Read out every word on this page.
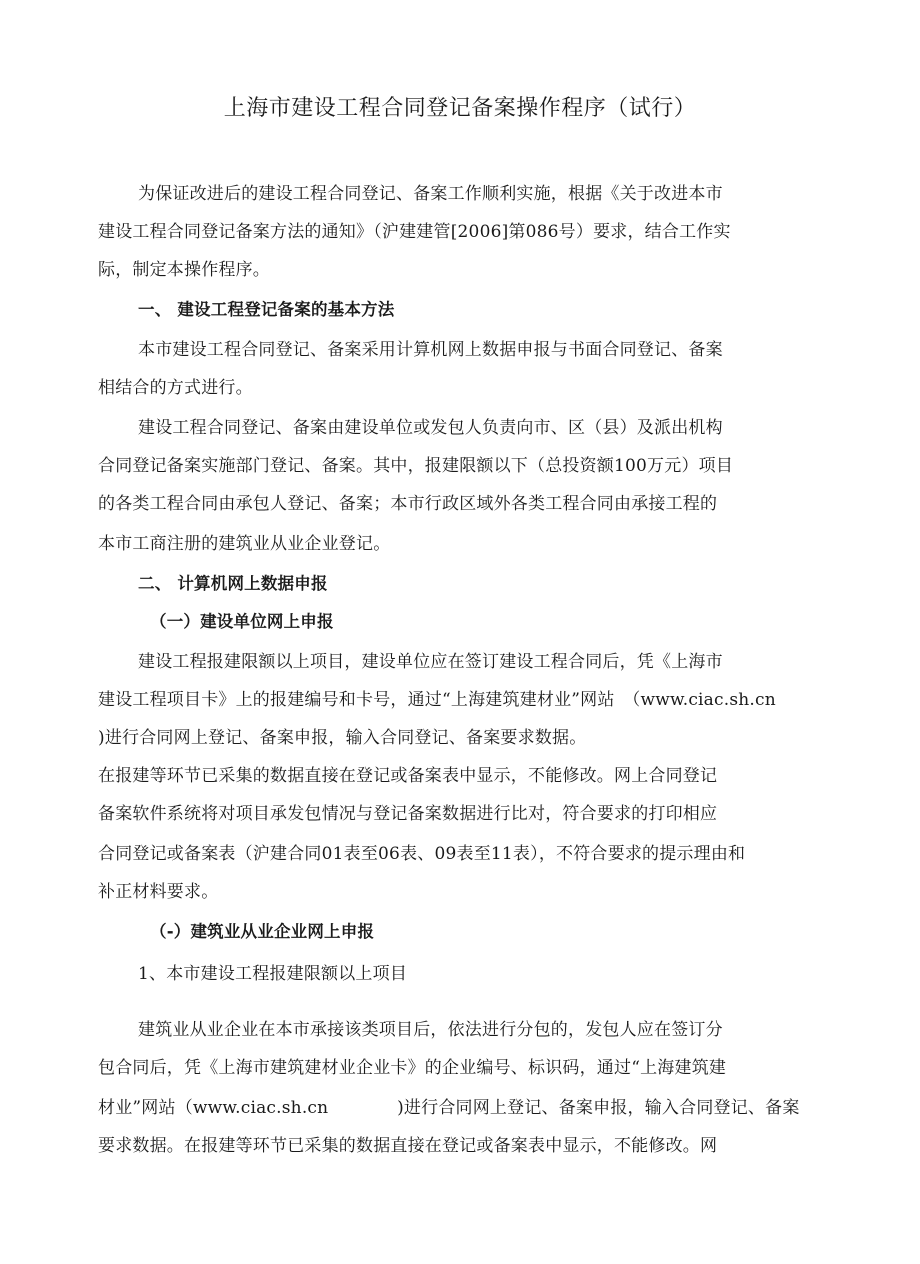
上海市建设工程合同登记备案操作程序（试行）
为保证改进后的建设工程合同登记、备案工作顺利实施，根据《关于改进本市
建设工程合同登记备案方法的通知》（沪建建管[2006]第086号）要求，结合工作实
际，制定本操作程序。
一、 建设工程登记备案的基本方法
本市建设工程合同登记、备案采用计算机网上数据申报与书面合同登记、备案
相结合的方式进行。
建设工程合同登记、备案由建设单位或发包人负责向市、区（县）及派出机构
合同登记备案实施部门登记、备案。其中，报建限额以下（总投资额100万元）项目
的各类工程合同由承包人登记、备案；本市行政区域外各类工程合同由承接工程的
本市工商注册的建筑业从业企业登记。
二、 计算机网上数据申报
（一）建设单位网上申报
建设工程报建限额以上项目，建设单位应在签订建设工程合同后，凭《上海市
建设工程项目卡》上的报建编号和卡号，通过“上海建筑建材业”网站　（www.ciac.sh.cn
)进行合同网上登记、备案申报，输入合同登记、备案要求数据。
在报建等环节已采集的数据直接在登记或备案表中显示，不能修改。网上合同登记
备案软件系统将对项目承发包情况与登记备案数据进行比对，符合要求的打印相应
合同登记或备案表（沪建合同01表至06表、09表至11表），不符合要求的提示理由和
补正材料要求。
（-）建筑业从业企业网上申报
1、本市建设工程报建限额以上项目
建筑业从业企业在本市承接该类项目后，依法进行分包的，发包人应在签订分
包合同后，凭《上海市建筑建材业企业卡》的企业编号、标识码，通过“上海建筑建
材业”网站（www.ciac.sh.cn　　　　)进行合同网上登记、备案申报，输入合同登记、备案
要求数据。在报建等环节已采集的数据直接在登记或备案表中显示，不能修改。网
